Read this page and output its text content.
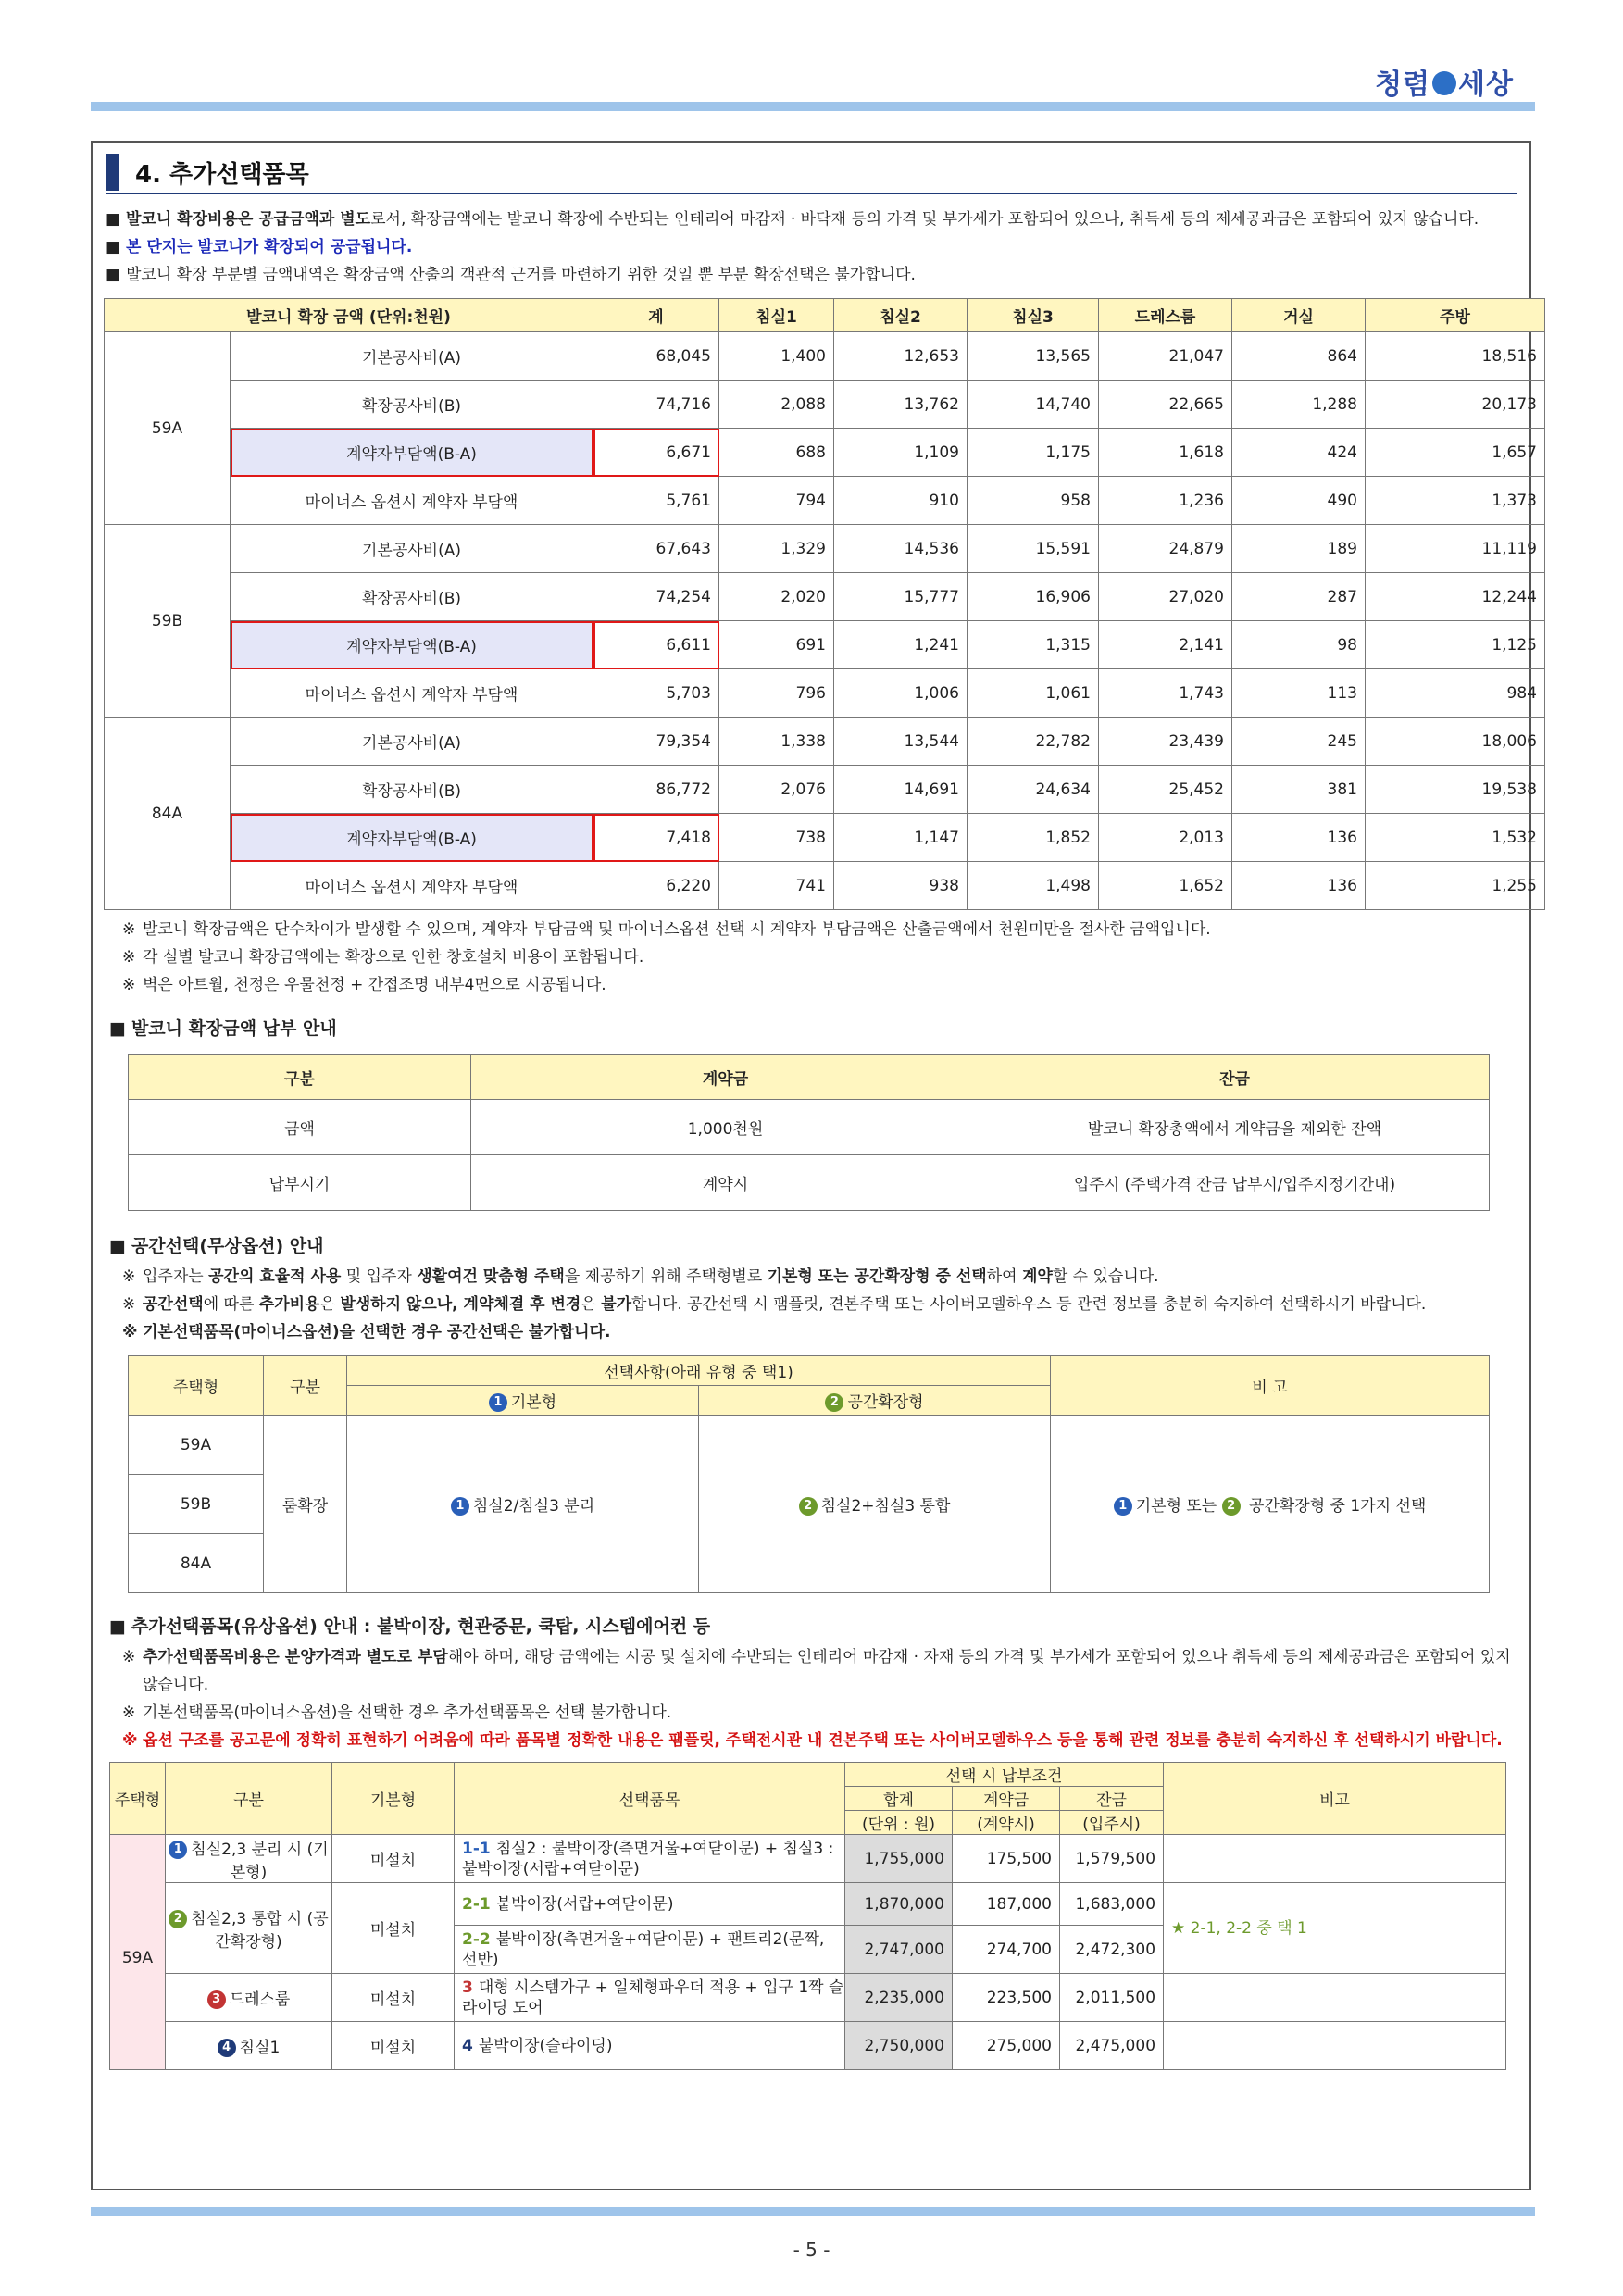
청렴 세상
4. 추가선택품목
■ 발코니 확장비용은 공급금액과 별도로서, 확장금액에는 발코니 확장에 수반되는 인테리어 마감재 · 바닥재 등의 가격 및 부가세가 포함되어 있으나, 취득세 등의 제세공과금은 포함되어 있지 않습니다.
■ 본 단지는 발코니가 확장되어 공급됩니다.
■ 발코니 확장 부분별 금액내역은 확장금액 산출의 객관적 근거를 마련하기 위한 것일 뿐 부분 확장선택은 불가합니다.
발코니 확장 금액 (단위:천원)		계	침실1	침실2	침실3	드레스룸	거실	주방
59A	기본공사비(A)	68,045	1,400	12,653	13,565	21,047	864	18,516
	확장공사비(B)	74,716	2,088	13,762	14,740	22,665	1,288	20,173
	계약자부담액(B-A)	6,671	688	1,109	1,175	1,618	424	1,657
	마이너스 옵션시 계약자 부담액	5,761	794	910	958	1,236	490	1,373
59B	기본공사비(A)	67,643	1,329	14,536	15,591	24,879	189	11,119
	확장공사비(B)	74,254	2,020	15,777	16,906	27,020	287	12,244
	계약자부담액(B-A)	6,611	691	1,241	1,315	2,141	98	1,125
	마이너스 옵션시 계약자 부담액	5,703	796	1,006	1,061	1,743	113	984
84A	기본공사비(A)	79,354	1,338	13,544	22,782	23,439	245	18,006
	확장공사비(B)	86,772	2,076	14,691	24,634	25,452	381	19,538
	계약자부담액(B-A)	7,418	738	1,147	1,852	2,013	136	1,532
	마이너스 옵션시 계약자 부담액	6,220	741	938	1,498	1,652	136	1,255
※ 발코니 확장금액은 단수차이가 발생할 수 있으며, 계약자 부담금액 및 마이너스옵션 선택 시 계약자 부담금액은 산출금액에서 천원미만을 절사한 금액입니다.
※ 각 실별 발코니 확장금액에는 확장으로 인한 창호설치 비용이 포함됩니다.
※ 벽은 아트월, 천정은 우물천정 + 간접조명 내부4면으로 시공됩니다.
■ 발코니 확장금액 납부 안내
구분	계약금	잔금
금액	1,000천원	발코니 확장총액에서 계약금을 제외한 잔액
납부시기	계약시	입주시 (주택가격 잔금 납부시/입주지정기간내)
■ 공간선택(무상옵션) 안내
※ 입주자는 공간의 효율적 사용 및 입주자 생활여건 맞춤형 주택을 제공하기 위해 주택형별로 기본형 또는 공간확장형 중 선택하여 계약할 수 있습니다.
※ 공간선택에 따른 추가비용은 발생하지 않으나, 계약체결 후 변경은 불가합니다. 공간선택 시 팸플릿, 견본주택 또는 사이버모델하우스 등 관련 정보를 충분히 숙지하여 선택하시기 바랍니다.
※ 기본선택품목(마이너스옵션)을 선택한 경우 공간선택은 불가합니다.
주택형	구분	선택사항(아래 유형 중 택1)		비 고
		1 기본형	2 공간확장형	
59A	룸확장	1 침실2/침실3 분리	2 침실2+침실3 통합	1 기본형 또는 2 공간확장형 중 1가지 선택
59B				
84A				
■ 추가선택품목(유상옵션) 안내 : 붙박이장, 현관중문, 쿡탑, 시스템에어컨 등
※ 추가선택품목비용은 분양가격과 별도로 부담해야 하며, 해당 금액에는 시공 및 설치에 수반되는 인테리어 마감재 · 자재 등의 가격 및 부가세가 포함되어 있으나 취득세 등의 제세공과금은 포함되어 있지 않습니다.
※ 기본선택품목(마이너스옵션)을 선택한 경우 추가선택품목은 선택 불가합니다.
※ 옵션 구조를 공고문에 정확히 표현하기 어려움에 따라 품목별 정확한 내용은 팸플릿, 주택전시관 내 견본주택 또는 사이버모델하우스 등을 통해 관련 정보를 충분히 숙지하신 후 선택하시기 바랍니다.
주택형	구분	기본형	선택품목	선택 시 납부조건			비고
				합계	계약금	잔금	
				(단위 : 원)	(계약시)	(입주시)	
59A	1 침실2,3 분리 시 (기본형)	미설치	1-1 침실2 : 붙박이장(측면거울+여닫이문) + 침실3 : 붙박이장(서랍+여닫이문)	1,755,000	175,500	1,579,500	
	2 침실2,3 통합 시 (공간확장형)	미설치	2-1 붙박이장(서랍+여닫이문)	1,870,000	187,000	1,683,000	★ 2-1, 2-2 중 택 1
			2-2 붙박이장(측면거울+여닫이문) + 팬트리2(문짝, 선반)	2,747,000	274,700	2,472,300	
	3 드레스룸	미설치	3 대형 시스템가구 + 일체형파우더 적용 + 입구 1짝 슬라이딩 도어	2,235,000	223,500	2,011,500	
	4 침실1	미설치	4 붙박이장(슬라이딩)	2,750,000	275,000	2,475,000	
- 5 -
